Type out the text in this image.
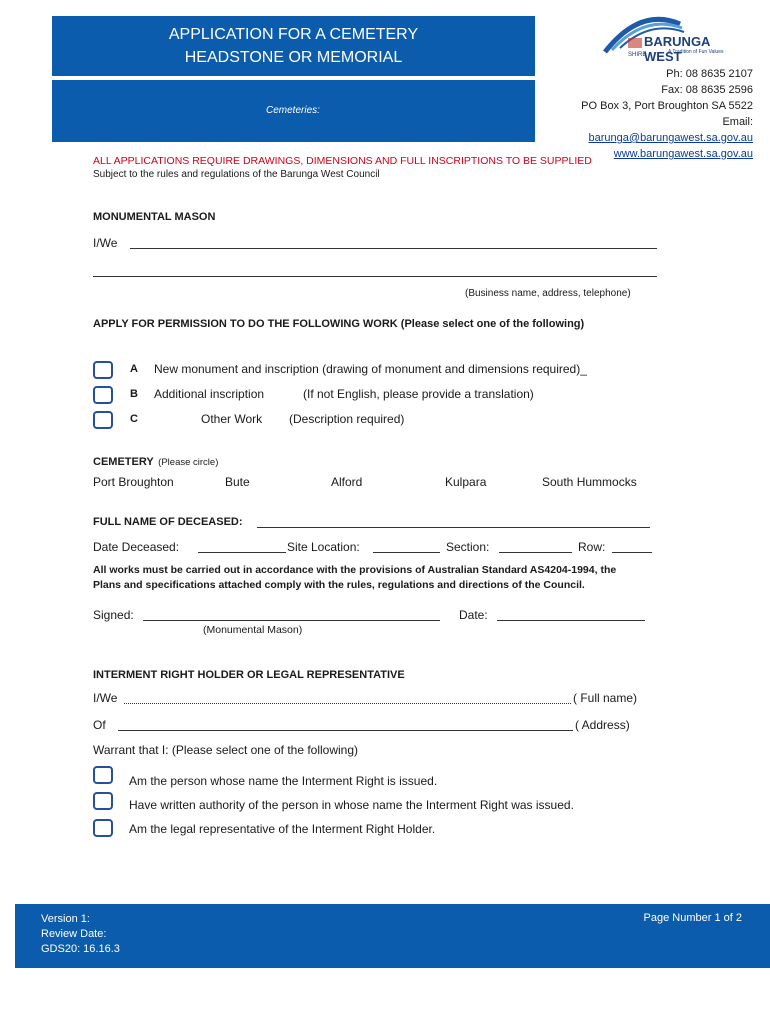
APPLICATION FOR A CEMETERY
HEADSTONE OR MEMORIAL
Cemeteries:
BARUNGA WEST
SHIRE	A Tradition of Fun Values
Ph: 08 8635 2107
Fax: 08 8635 2596
PO Box 3, Port Broughton SA 5522
Email:
barunga@barungawest.sa.gov.au
www.barungawest.sa.gov.au
ALL APPLICATIONS REQUIRE DRAWINGS, DIMENSIONS AND FULL INSCRIPTIONS TO BE SUPPLIED
Subject to the rules and regulations of the Barunga West Council
MONUMENTAL MASON
I/We
(Business name, address, telephone)
APPLY FOR PERMISSION TO DO THE FOLLOWING WORK (Please select one of the following)
A New monument and inscription (drawing of monument and dimensions required)_
B Additional inscription	(If not English, please provide a translation)
C	Other Work (Description required)
CEMETERY (Please circle)
Port Broughton	Bute	Alford	Kulpara	South Hummocks
FULL NAME OF DECEASED:
Date Deceased:	Site Location:	Section:	Row:
All works must be carried out in accordance with the provisions of Australian Standard AS4204-1994, the
Plans and specifications attached comply with the rules, regulations and directions of the Council.
Signed:	Date:
(Monumental Mason)
INTERMENT RIGHT HOLDER OR LEGAL REPRESENTATIVE
I/We	( Full name)
Of	( Address)
Warrant that I: (Please select one of the following)
Am the person whose name the Interment Right is issued.
Have written authority of the person in whose name the Interment Right was issued.
Am the legal representative of the Interment Right Holder.
Version 1:
Review Date:
GDS20: 16.16.3
Page Number 1 of 2
